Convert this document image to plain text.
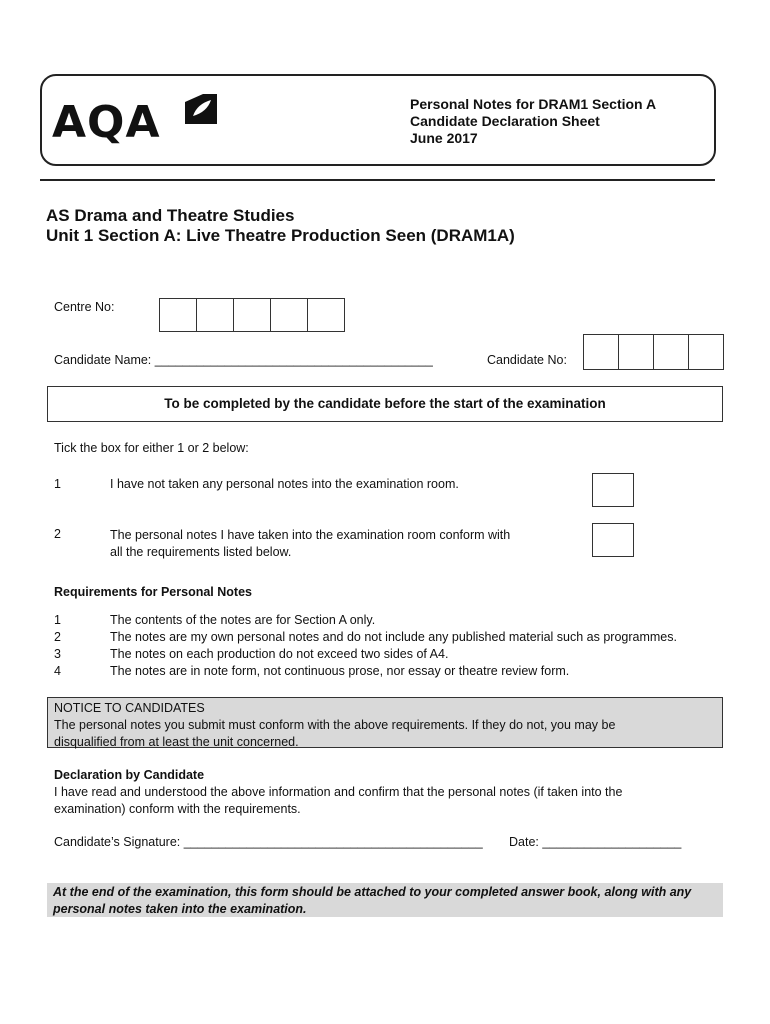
AQA	Personal Notes for DRAM1 Section A
Candidate Declaration Sheet
June 2017
AS Drama and Theatre Studies
Unit 1 Section A: Live Theatre Production Seen (DRAM1A)
Centre No:
Candidate Name: ________________________________________	Candidate No:
To be completed by the candidate before the start of the examination
Tick the box for either 1 or 2 below:
1	I have not taken any personal notes into the examination room.
2	The personal notes I have taken into the examination room conform with
all the requirements listed below.
Requirements for Personal Notes
1	The contents of the notes are for Section A only.
2	The notes are my own personal notes and do not include any published material such as programmes.
3	The notes on each production do not exceed two sides of A4.
4	The notes are in note form, not continuous prose, nor essay or theatre review form.
NOTICE TO CANDIDATES
The personal notes you submit must conform with the above requirements. If they do not, you may be
disqualified from at least the unit concerned.
Declaration by Candidate
I have read and understood the above information and confirm that the personal notes (if taken into the
examination) conform with the requirements.
Candidate’s Signature: ___________________________________________ Date: ____________________
At the end of the examination, this form should be attached to your completed answer book, along with any
personal notes taken into the examination.
